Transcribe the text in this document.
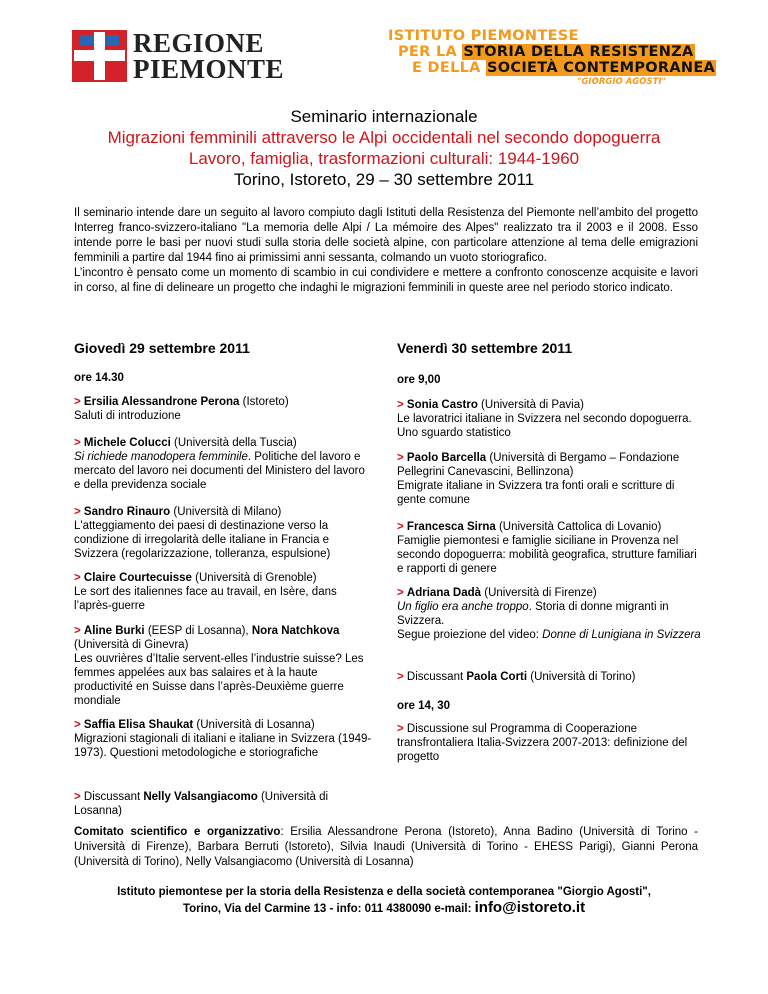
REGIONE
PIEMONTE
ISTITUTO PIEMONTESE
PER LA STORIA DELLA RESISTENZA
E DELLA SOCIETÀ CONTEMPORANEA
"GIORGIO AGOSTI"
Seminario internazionale
Migrazioni femminili attraverso le Alpi occidentali nel secondo dopoguerra
Lavoro, famiglia, trasformazioni culturali: 1944-1960
Torino, Istoreto, 29 – 30 settembre 2011

Il seminario intende dare un seguito al lavoro compiuto dagli Istituti della Resistenza del Piemonte nell’ambito del progetto Interreg franco-svizzero-italiano "La memoria delle Alpi / La mémoire des Alpes" realizzato tra il 2003 e il 2008. Esso intende porre le basi per nuovi studi sulla storia delle società alpine, con particolare attenzione al tema delle emigrazioni femminili a partire dal 1944 fino ai primissimi anni sessanta, colmando un vuoto storiografico.

L’incontro è pensato come un momento di scambio in cui condividere e mettere a confronto conoscenze acquisite e lavori in corso, al fine di delineare un progetto che indaghi le migrazioni femminili in queste aree nel periodo storico indicato.

Giovedì 29 settembre 2011
ore 14.30
> Ersilia Alessandrone Perona (Istoreto)
Saluti di introduzione
> Michele Colucci (Università della Tuscia)
Si richiede manodopera femminile. Politiche del lavoro e mercato del lavoro nei documenti del Ministero del lavoro e della previdenza sociale
> Sandro Rinauro (Università di Milano)
L'atteggiamento dei paesi di destinazione verso la condizione di irregolarità delle italiane in Francia e Svizzera (regolarizzazione, tolleranza, espulsione)
> Claire Courtecuisse (Università di Grenoble)
Le sort des italiennes face au travail, en Isère, dans l’après-guerre
> Aline Burki (EESP di Losanna), Nora Natchkova (Università di Ginevra)
Les ouvrières d’Italie servent-elles l’industrie suisse? Les femmes appelées aux bas salaires et à la haute productivité en Suisse dans l’après-Deuxième guerre mondiale
> Saffia Elisa Shaukat (Università di Losanna)
Migrazioni stagionali di italiani e italiane in Svizzera (1949-1973). Questioni metodologiche e storiografiche
> Discussant Nelly Valsangiacomo (Università di Losanna)
Venerdì 30 settembre 2011
ore 9,00
> Sonia Castro (Università di Pavia)
Le lavoratrici italiane in Svizzera nel secondo dopoguerra. Uno sguardo statistico
> Paolo Barcella (Università di Bergamo – Fondazione Pellegrini Canevascini, Bellinzona)
Emigrate italiane in Svizzera tra fonti orali e scritture di gente comune
> Francesca Sirna (Università Cattolica di Lovanio)
Famiglie piemontesi e famiglie siciliane in Provenza nel secondo dopoguerra: mobilità geografica, strutture familiari e rapporti di genere
> Adriana Dadà (Università di Firenze)
Un figlio era anche troppo. Storia di donne migranti in Svizzera.
Segue proiezione del video: Donne di Lunigiana in Svizzera
> Discussant Paola Corti (Università di Torino)
ore 14, 30
> Discussione sul Programma di Cooperazione transfrontaliera Italia-Svizzera 2007-2013: definizione del progetto
Comitato scientifico e organizzativo: Ersilia Alessandrone Perona (Istoreto), Anna Badino (Università di Torino - Università di Firenze), Barbara Berruti (Istoreto), Silvia Inaudi (Università di Torino - EHESS Parigi), Gianni Perona (Università di Torino), Nelly Valsangiacomo (Università di Losanna)
Istituto piemontese per la storia della Resistenza e della società contemporanea "Giorgio Agosti",
Torino, Via del Carmine 13 - info: 011 4380090 e-mail: info@istoreto.it
